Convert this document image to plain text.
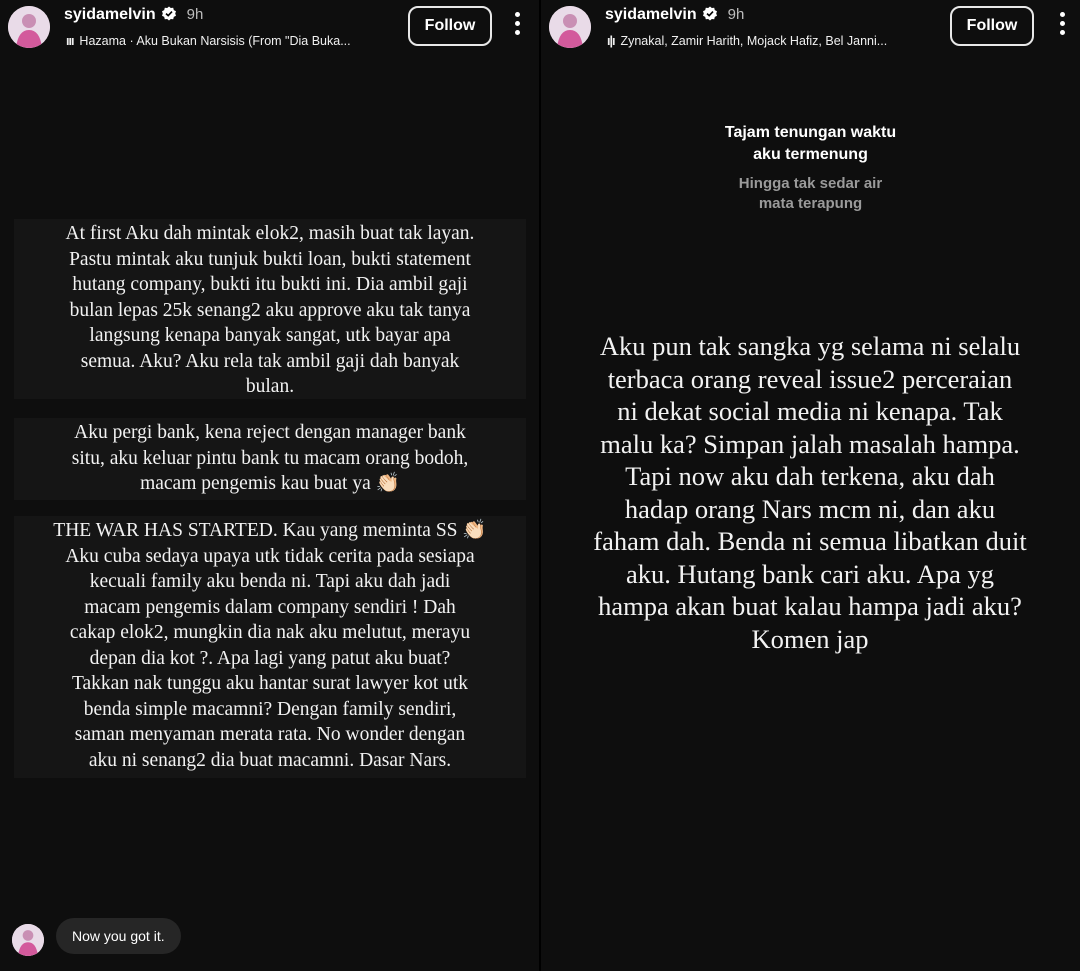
syidamelvin 9h
ııı Hazama · Aku Bukan Narsisis (From "Dia Buka...
Follow
At first Aku dah mintak elok2, masih buat tak layan.
Pastu mintak aku tunjuk bukti loan, bukti statement
hutang company, bukti itu bukti ini. Dia ambil gaji
bulan lepas 25k senang2 aku approve aku tak tanya
langsung kenapa banyak sangat, utk bayar apa
semua. Aku? Aku rela tak ambil gaji dah banyak
bulan.
Aku pergi bank, kena reject dengan manager bank
situ, aku keluar pintu bank tu macam orang bodoh,
macam pengemis kau buat ya 👏🏻
THE WAR HAS STARTED. Kau yang meminta SS 👏🏻
Aku cuba sedaya upaya utk tidak cerita pada sesiapa
kecuali family aku benda ni. Tapi aku dah jadi
macam pengemis dalam company sendiri ! Dah
cakap elok2, mungkin dia nak aku melutut, merayu
depan dia kot ?. Apa lagi yang patut aku buat?
Takkan nak tunggu aku hantar surat lawyer kot utk
benda simple macamni? Dengan family sendiri,
saman menyaman merata rata. No wonder dengan
aku ni senang2 dia buat macamni. Dasar Nars.
Now you got it.
syidamelvin 9h
ı|ı Zynakal, Zamir Harith, Mojack Hafiz, Bel Janni...
Follow
Tajam tenungan waktu
aku termenung
Hingga tak sedar air
mata terapung
Aku pun tak sangka yg selama ni selalu
terbaca orang reveal issue2 perceraian
ni dekat social media ni kenapa. Tak
malu ka? Simpan jalah masalah hampa.
Tapi now aku dah terkena, aku dah
hadap orang Nars mcm ni, dan aku
faham dah. Benda ni semua libatkan duit
aku. Hutang bank cari aku. Apa yg
hampa akan buat kalau hampa jadi aku?
Komen jap
